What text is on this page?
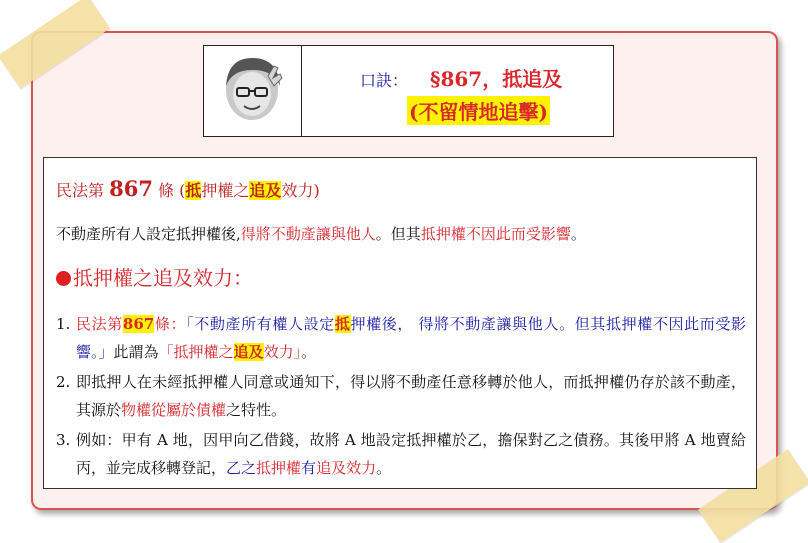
口訣： §867，抵追及
(不留情地追擊)
民法第 867 條 (抵押權之追及效力)
不動產所有人設定抵押權後,得將不動產讓與他人。但其抵押權不因此而受影響。
抵押權之追及效力：
1. 民法第867條：「不動產所有權人設定抵押權後， 得將不動產讓與他人。但其抵押權不因此而受影響。」此謂為「抵押權之追及效力」。
2. 即抵押人在未經抵押權人同意或通知下，得以將不動產任意移轉於他人，而抵押權仍存於該不動產，其源於物權從屬於債權之特性。
3. 例如：甲有 A 地，因甲向乙借錢，故將 A 地設定抵押權於乙，擔保對乙之債務。其後甲將 A 地賣給丙，並完成移轉登記，乙之抵押權有追及效力。
